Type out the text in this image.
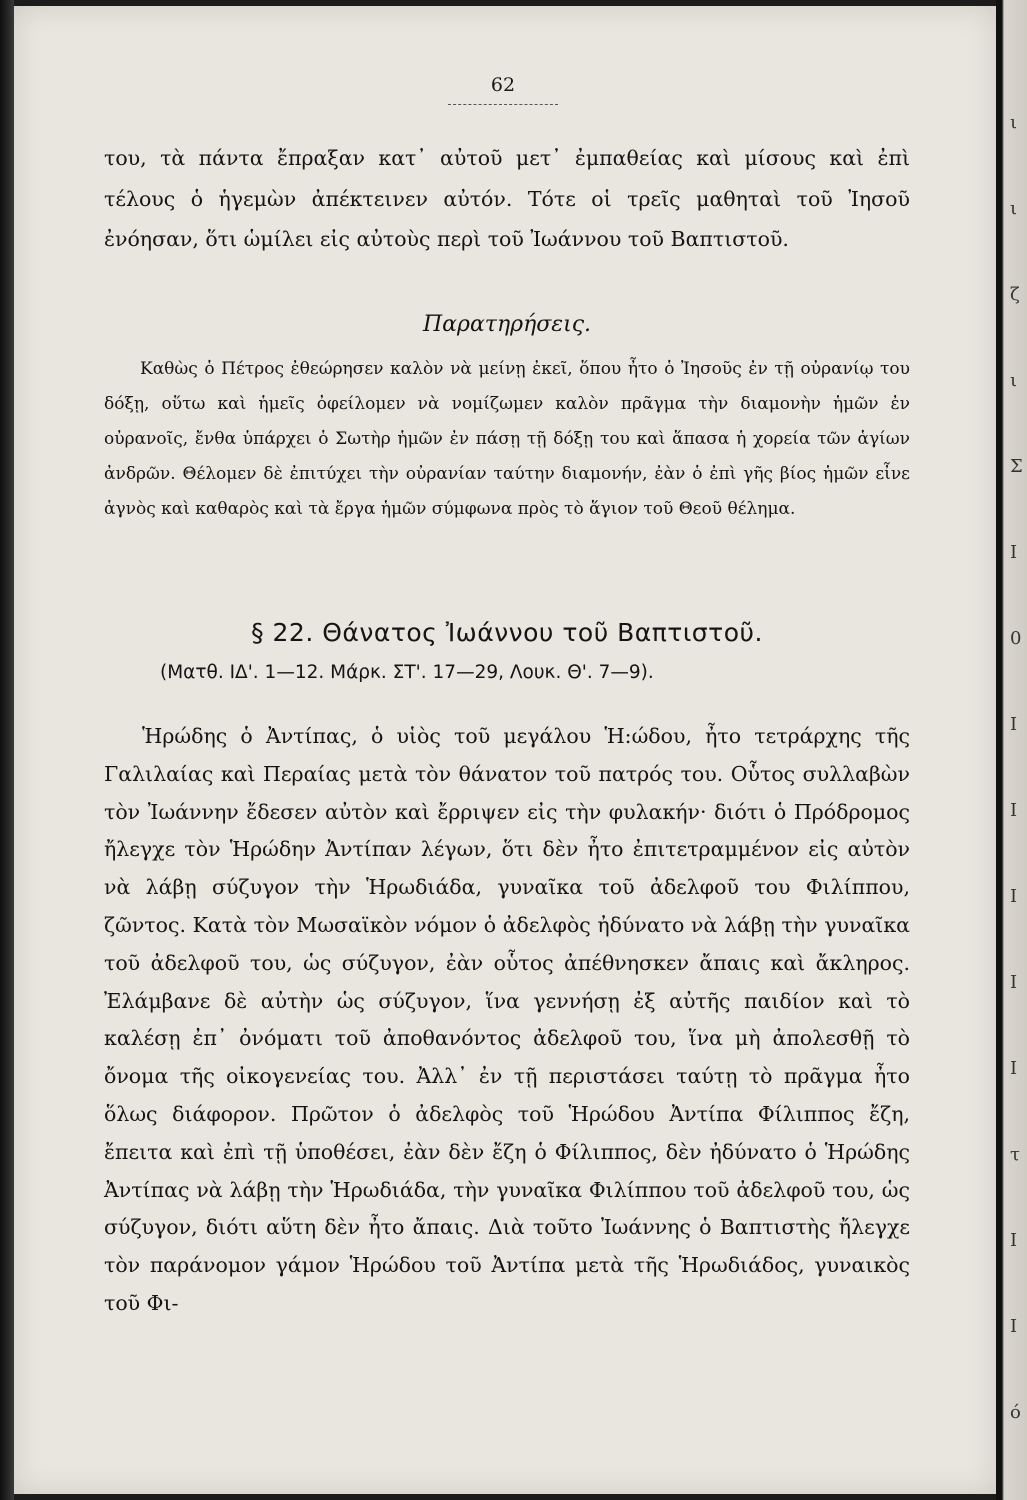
ι
ι
ζ
ι
Σ
Ι
0
Ι
Ι
Ι
Ι
Ι
τ
Ι
Ι
ό
62

του, τὰ πάντα ἔπραξαν κατ᾽ αὐτοῦ μετ᾽ ἐμπαθείας καὶ μίσους καὶ ἐπὶ τέλους ὁ ἡγεμὼν ἀπέκτεινεν αὐτόν. Τότε οἱ τρεῖς μαθηταὶ τοῦ Ἰησοῦ ἐνόησαν, ὅτι ὡμίλει εἰς αὐτοὺς περὶ τοῦ Ἰωάννου τοῦ Βαπτιστοῦ.

Παρατηρήσεις.

Καθὼς ὁ Πέτρος ἐθεώρησεν καλὸν νὰ μείνῃ ἐκεῖ, ὅπου ἦτο ὁ Ἰησοῦς ἐν τῇ οὐρανίῳ του δόξῃ, οὕτω καὶ ἡμεῖς ὀφείλομεν νὰ νομίζωμεν καλὸν πρᾶγμα τὴν διαμονὴν ἡμῶν ἐν οὐρανοῖς, ἔνθα ὑπάρχει ὁ Σωτὴρ ἡμῶν ἐν πάσῃ τῇ δόξῃ του καὶ ἅπασα ἡ χορεία τῶν ἁγίων ἀνδρῶν. Θέλομεν δὲ ἐπιτύχει τὴν οὐρανίαν ταύτην διαμονήν, ἐὰν ὁ ἐπὶ γῆς βίος ἡμῶν εἶνε ἁγνὸς καὶ καθαρὸς καὶ τὰ ἔργα ἡμῶν σύμφωνα πρὸς τὸ ἅγιον τοῦ Θεοῦ θέλημα.

§ 22. Θάνατος Ἰωάννου τοῦ Βαπτιστοῦ.
(Ματθ. ΙΔ'. 1—12. Μάρκ. ΣΤ'. 17—29, Λουκ. Θ'. 7—9).

Ἡρώδης ὁ Ἀντίπας, ὁ υἱὸς τοῦ μεγάλου Ἡ:ώδου, ἦτο τετράρχης τῆς Γαλιλαίας καὶ Περαίας μετὰ τὸν θάνατον τοῦ πατρός του. Οὗτος συλλαβὼν τὸν Ἰωάννην ἔδεσεν αὐτὸν καὶ ἔρριψεν εἰς τὴν φυλακήν· διότι ὁ Πρόδρομος ἤλεγχε τὸν Ἡρώδην Ἀντίπαν λέγων, ὅτι δὲν ἦτο ἐπιτετραμμένον εἰς αὐτὸν νὰ λάβῃ σύζυγον τὴν Ἡρωδιάδα, γυναῖκα τοῦ ἀδελφοῦ του Φιλίππου, ζῶντος. Κατὰ τὸν Μωσαϊκὸν νόμον ὁ ἀδελφὸς ἠδύνατο νὰ λάβῃ τὴν γυναῖκα τοῦ ἀδελφοῦ του, ὡς σύζυγον, ἐὰν οὗτος ἀπέθνησκεν ἄπαις καὶ ἄκληρος. Ἐλάμβανε δὲ αὐτὴν ὡς σύζυγον, ἵνα γεννήσῃ ἐξ αὐτῆς παιδίον καὶ τὸ καλέσῃ ἐπ᾽ ὀνόματι τοῦ ἀποθανόντος ἀδελφοῦ του, ἵνα μὴ ἀπολεσθῇ τὸ ὄνομα τῆς οἰκογενείας του. Ἀλλ᾽ ἐν τῇ περιστάσει ταύτῃ τὸ πρᾶγμα ἦτο ὅλως διάφορον. Πρῶτον ὁ ἀδελφὸς τοῦ Ἡρώδου Ἀντίπα Φίλιππος ἔζη, ἔπειτα καὶ ἐπὶ τῇ ὑποθέσει, ἐὰν δὲν ἔζη ὁ Φίλιππος, δὲν ἠδύνατο ὁ Ἡρώδης Ἀντίπας νὰ λάβῃ τὴν Ἡρωδιάδα, τὴν γυναῖκα Φιλίππου τοῦ ἀδελφοῦ του, ὡς σύζυγον, διότι αὕτη δὲν ἦτο ἄπαις. Διὰ τοῦτο Ἰωάννης ὁ Βαπτιστὴς ἤλεγχε τὸν παράνομον γάμον Ἡρώδου τοῦ Ἀντίπα μετὰ τῆς Ἡρωδιάδος, γυναικὸς τοῦ Φι-
